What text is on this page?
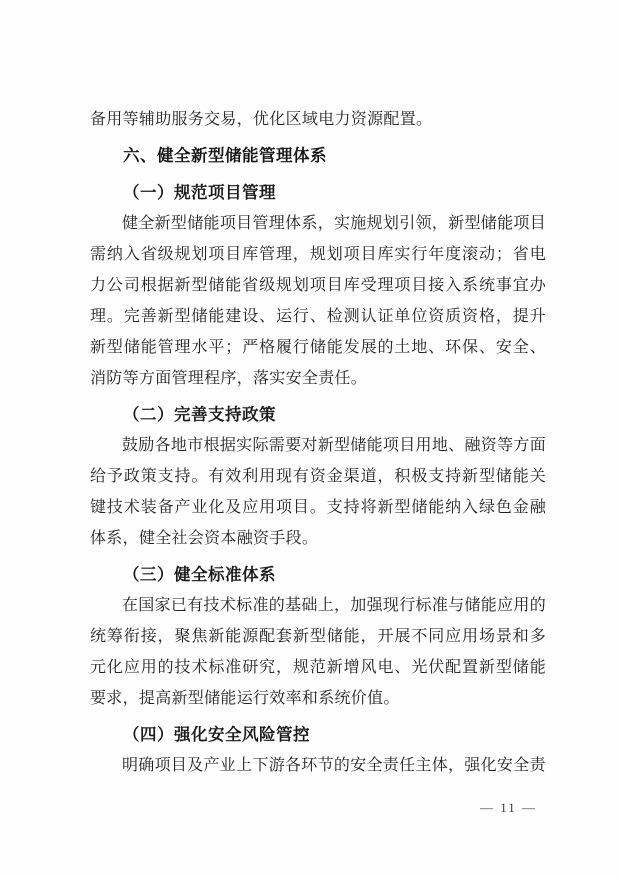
备用等辅助服务交易，优化区域电力资源配置。

六、健全新型储能管理体系
（一）规范项目管理

健全新型储能项目管理体系，实施规划引领，新型储能项目需纳入省级规划项目库管理，规划项目库实行年度滚动；省电力公司根据新型储能省级规划项目库受理项目接入系统事宜办理。完善新型储能建设、运行、检测认证单位资质资格，提升新型储能管理水平；严格履行储能发展的土地、环保、安全、消防等方面管理程序，落实安全责任。

（二）完善支持政策

鼓励各地市根据实际需要对新型储能项目用地、融资等方面给予政策支持。有效利用现有资金渠道，积极支持新型储能关键技术装备产业化及应用项目。支持将新型储能纳入绿色金融体系，健全社会资本融资手段。

（三）健全标准体系

在国家已有技术标准的基础上，加强现行标准与储能应用的统筹衔接，聚焦新能源配套新型储能，开展不同应用场景和多元化应用的技术标准研究，规范新增风电、光伏配置新型储能要求，提高新型储能运行效率和系统价值。

（四）强化安全风险管控

明确项目及产业上下游各环节的安全责任主体，强化安全责

— 11 —
